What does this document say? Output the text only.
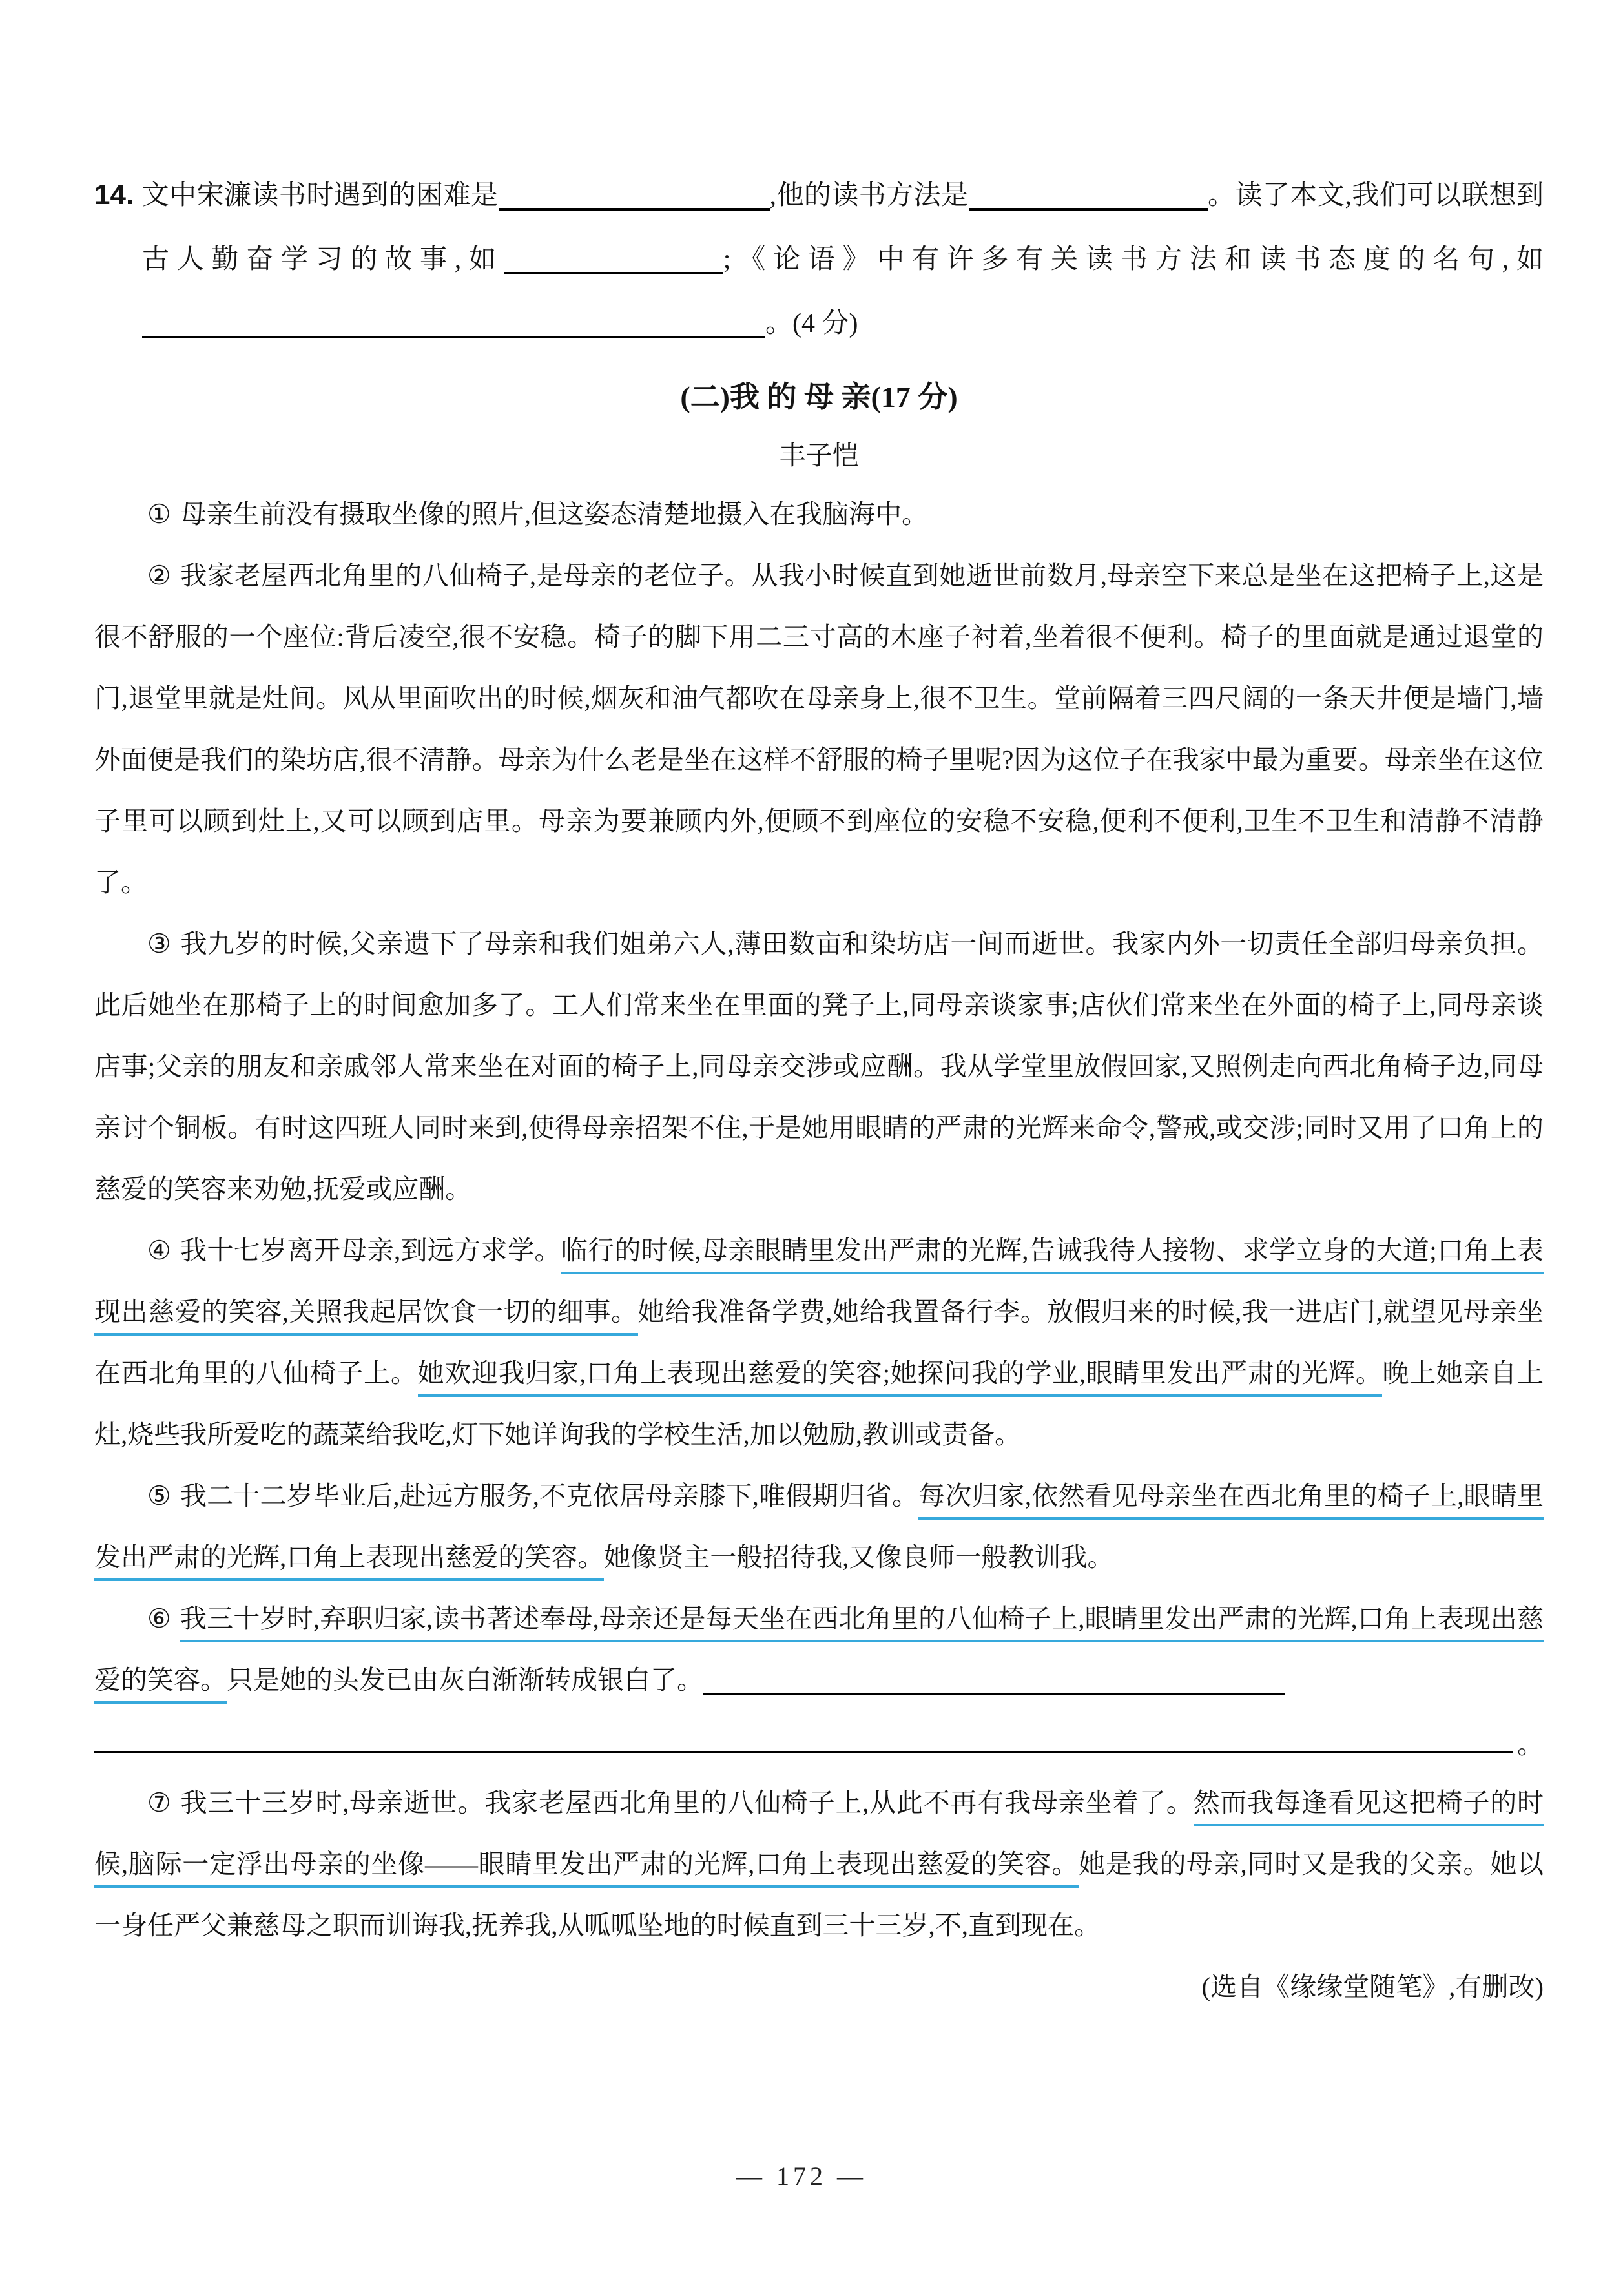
14. 文中宋濂读书时遇到的困难是	,他的读书方法是	。读了本文,我们可以联想到古人勤奋学习的故事,如	;《论语》中有许多有关读书方法和读书态度的名句,如。(4 分)
(二)我 的 母 亲(17 分)
丰子恺

① 母亲生前没有摄取坐像的照片,但这姿态清楚地摄入在我脑海中。

② 我家老屋西北角里的八仙椅子,是母亲的老位子。从我小时候直到她逝世前数月,母亲空下来总是坐在这把椅子上,这是很不舒服的一个座位:背后凌空,很不安稳。椅子的脚下用二三寸高的木座子衬着,坐着很不便利。椅子的里面就是通过退堂的门,退堂里就是灶间。风从里面吹出的时候,烟灰和油气都吹在母亲身上,很不卫生。堂前隔着三四尺阔的一条天井便是墙门,墙外面便是我们的染坊店,很不清静。母亲为什么老是坐在这样不舒服的椅子里呢?因为这位子在我家中最为重要。母亲坐在这位子里可以顾到灶上,又可以顾到店里。母亲为要兼顾内外,便顾不到座位的安稳不安稳,便利不便利,卫生不卫生和清静不清静了。

③ 我九岁的时候,父亲遗下了母亲和我们姐弟六人,薄田数亩和染坊店一间而逝世。我家内外一切责任全部归母亲负担。此后她坐在那椅子上的时间愈加多了。工人们常来坐在里面的凳子上,同母亲谈家事;店伙们常来坐在外面的椅子上,同母亲谈店事;父亲的朋友和亲戚邻人常来坐在对面的椅子上,同母亲交涉或应酬。我从学堂里放假回家,又照例走向西北角椅子边,同母亲讨个铜板。有时这四班人同时来到,使得母亲招架不住,于是她用眼睛的严肃的光辉来命令,警戒,或交涉;同时又用了口角上的慈爱的笑容来劝勉,抚爱或应酬。

④ 我十七岁离开母亲,到远方求学。临行的时候,母亲眼睛里发出严肃的光辉,告诫我待人接物、求学立身的大道;口角上表现出慈爱的笑容,关照我起居饮食一切的细事。她给我准备学费,她给我置备行李。放假归来的时候,我一进店门,就望见母亲坐在西北角里的八仙椅子上。她欢迎我归家,口角上表现出慈爱的笑容;她探问我的学业,眼睛里发出严肃的光辉。晚上她亲自上灶,烧些我所爱吃的蔬菜给我吃,灯下她详询我的学校生活,加以勉励,教训或责备。

⑤ 我二十二岁毕业后,赴远方服务,不克依居母亲膝下,唯假期归省。每次归家,依然看见母亲坐在西北角里的椅子上,眼睛里发出严肃的光辉,口角上表现出慈爱的笑容。她像贤主一般招待我,又像良师一般教训我。

⑥ 我三十岁时,弃职归家,读书著述奉母,母亲还是每天坐在西北角里的八仙椅子上,眼睛里发出严肃的光辉,口角上表现出慈爱的笑容。只是她的头发已由灰白渐渐转成银白了。

。

⑦ 我三十三岁时,母亲逝世。我家老屋西北角里的八仙椅子上,从此不再有我母亲坐着了。然而我每逢看见这把椅子的时候,脑际一定浮出母亲的坐像——眼睛里发出严肃的光辉,口角上表现出慈爱的笑容。她是我的母亲,同时又是我的父亲。她以一身任严父兼慈母之职而训诲我,抚养我,从呱呱坠地的时候直到三十三岁,不,直到现在。

(选自《缘缘堂随笔》,有删改)

— 172 —
